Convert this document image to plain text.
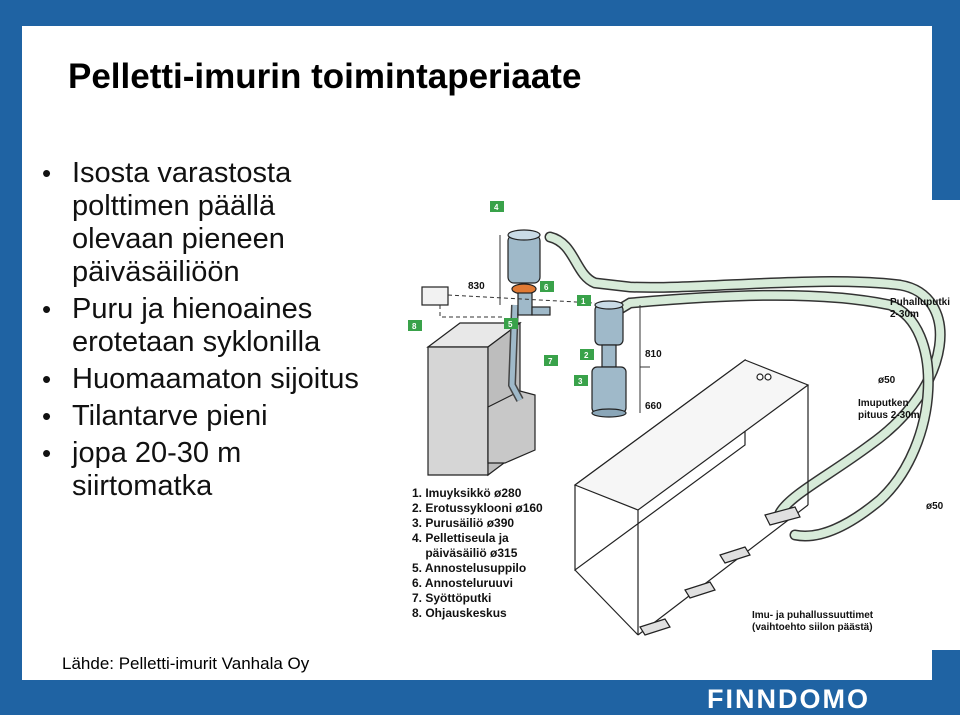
Pelletti-imurin toimintaperiaate
• Isosta varastosta polttimen päällä olevaan pieneen päiväsäiliöön
• Puru ja hienoaines erotetaan syklonilla
• Huomaamaton sijoitus
• Tilantarve pieni
• jopa 20-30 m siirtomatka
830
810
660
1
2
3
4
5
6
7
8
Puhalluputki
2-30m
ø50
Imuputken
pituus 2-30m
ø50
Imu- ja puhallussuuttimet
(vaihtoehto siilon päästä)
1. Imuyksikkö ø280
2. Erotussyklooni ø160
3. Purusäiliö ø390
4. Pellettiseula ja
päiväsäiliö ø315
5. Annostelusuppilo
6. Annosteluruuvi
7. Syöttöputki
8. Ohjauskeskus
Lähde: Pelletti-imurit Vanhala Oy
FINNDOMO
